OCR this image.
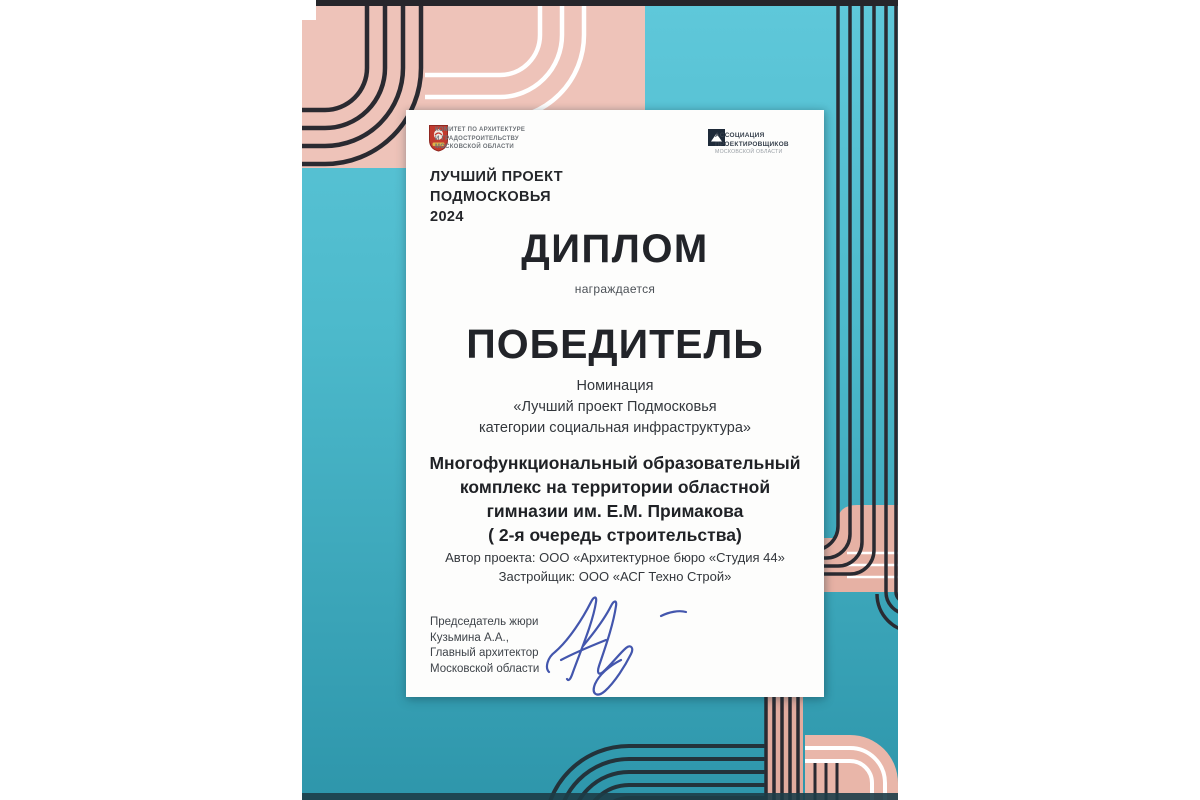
КОМИТЕТ ПО АРХИТЕКТУРЕ
И ГРАДОСТРОИТЕЛЬСТВУ
МОСКОВСКОЙ ОБЛАСТИ
АССОЦИАЦИЯ
ПРОЕКТИРОВЩИКОВ
МОСКОВСКОЙ ОБЛАСТИ
ЛУЧШИЙ ПРОЕКТ
ПОДМОСКОВЬЯ
2024
ДИПЛОМ
награждается
ПОБЕДИТЕЛЬ
Номинация
«Лучший проект Подмосковья
категории социальная инфраструктура»
Многофункциональный образовательный
комплекс на территории областной
гимназии им. Е.М. Примакова
( 2-я очередь строительства)
Автор проекта: ООО «Архитектурное бюро «Студия 44»
Застройщик: ООО «АСГ Техно Строй»
Председатель жюри
Кузьмина А.А.,
Главный архитектор
Московской области
